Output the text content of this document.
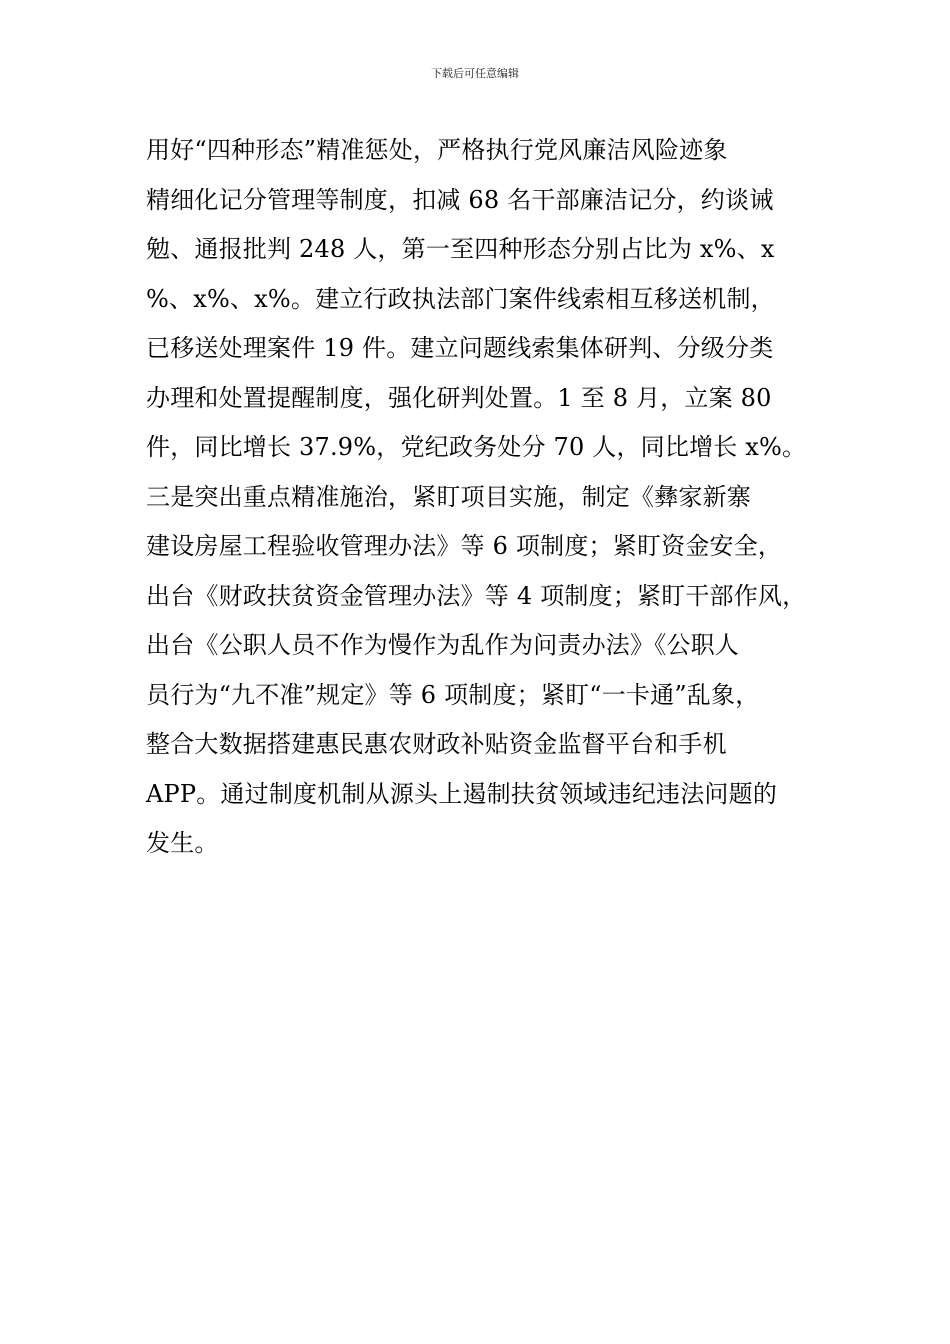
下载后可任意编辑
用好“四种形态”精准惩处，严格执行党风廉洁风险迹象
精细化记分管理等制度，扣减 68 名干部廉洁记分，约谈诫
勉、通报批判 248 人，第一至四种形态分别占比为 x%、x
%、x%、x%。建立行政执法部门案件线索相互移送机制，
已移送处理案件 19 件。建立问题线索集体研判、分级分类
办理和处置提醒制度，强化研判处置。1 至 8 月，立案 80
件，同比增长 37.9%，党纪政务处分 70 人，同比增长 x%。
三是突出重点精准施治，紧盯项目实施，制定《彝家新寨
建设房屋工程验收管理办法》等 6 项制度；紧盯资金安全，
出台《财政扶贫资金管理办法》等 4 项制度；紧盯干部作风，
出台《公职人员不作为慢作为乱作为问责办法》《公职人
员行为“九不准”规定》等 6 项制度；紧盯“一卡通”乱象，
整合大数据搭建惠民惠农财政补贴资金监督平台和手机
APP。通过制度机制从源头上遏制扶贫领域违纪违法问题的
发生。
